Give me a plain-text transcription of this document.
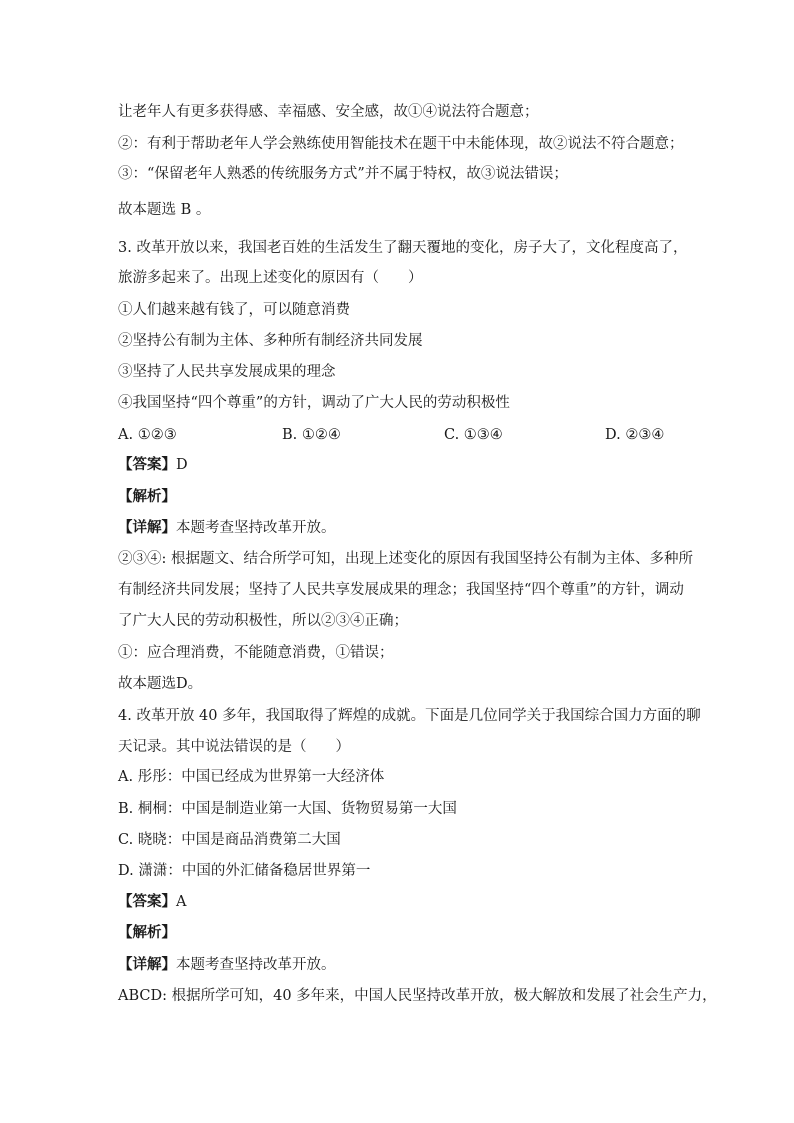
让老年人有更多获得感、幸福感、安全感，故①④说法符合题意；
②：有利于帮助老年人学会熟练使用智能技术在题干中未能体现，故②说法不符合题意；
③：“保留老年人熟悉的传统服务方式”并不属于特权，故③说法错误；
故本题选 B 。
3. 改革开放以来，我国老百姓的生活发生了翻天覆地的变化，房子大了，文化程度高了，
旅游多起来了。出现上述变化的原因有（　　）
①人们越来越有钱了，可以随意消费
②坚持公有制为主体、多种所有制经济共同发展
③坚持了人民共享发展成果的理念
④我国坚持“四个尊重”的方针，调动了广大人民的劳动积极性
A. ①②③	B. ①②④	C. ①③④	D. ②③④
【答案】D
【解析】
【详解】本题考查坚持改革开放。
②③④: 根据题文、结合所学可知，出现上述变化的原因有我国坚持公有制为主体、多种所
有制经济共同发展；坚持了人民共享发展成果的理念；我国坚持“四个尊重”的方针，调动
了广大人民的劳动积极性，所以②③④正确；
①：应合理消费，不能随意消费，①错误；
故本题选D。
4. 改革开放 40 多年，我国取得了辉煌的成就。下面是几位同学关于我国综合国力方面的聊
天记录。其中说法错误的是（　　）
A. 彤彤：中国已经成为世界第一大经济体
B. 桐桐：中国是制造业第一大国、货物贸易第一大国
C. 晓晓：中国是商品消费第二大国
D. 潇潇：中国的外汇储备稳居世界第一
【答案】A
【解析】
【详解】本题考查坚持改革开放。
ABCD: 根据所学可知，40 多年来，中国人民坚持改革开放，极大解放和发展了社会生产力，
